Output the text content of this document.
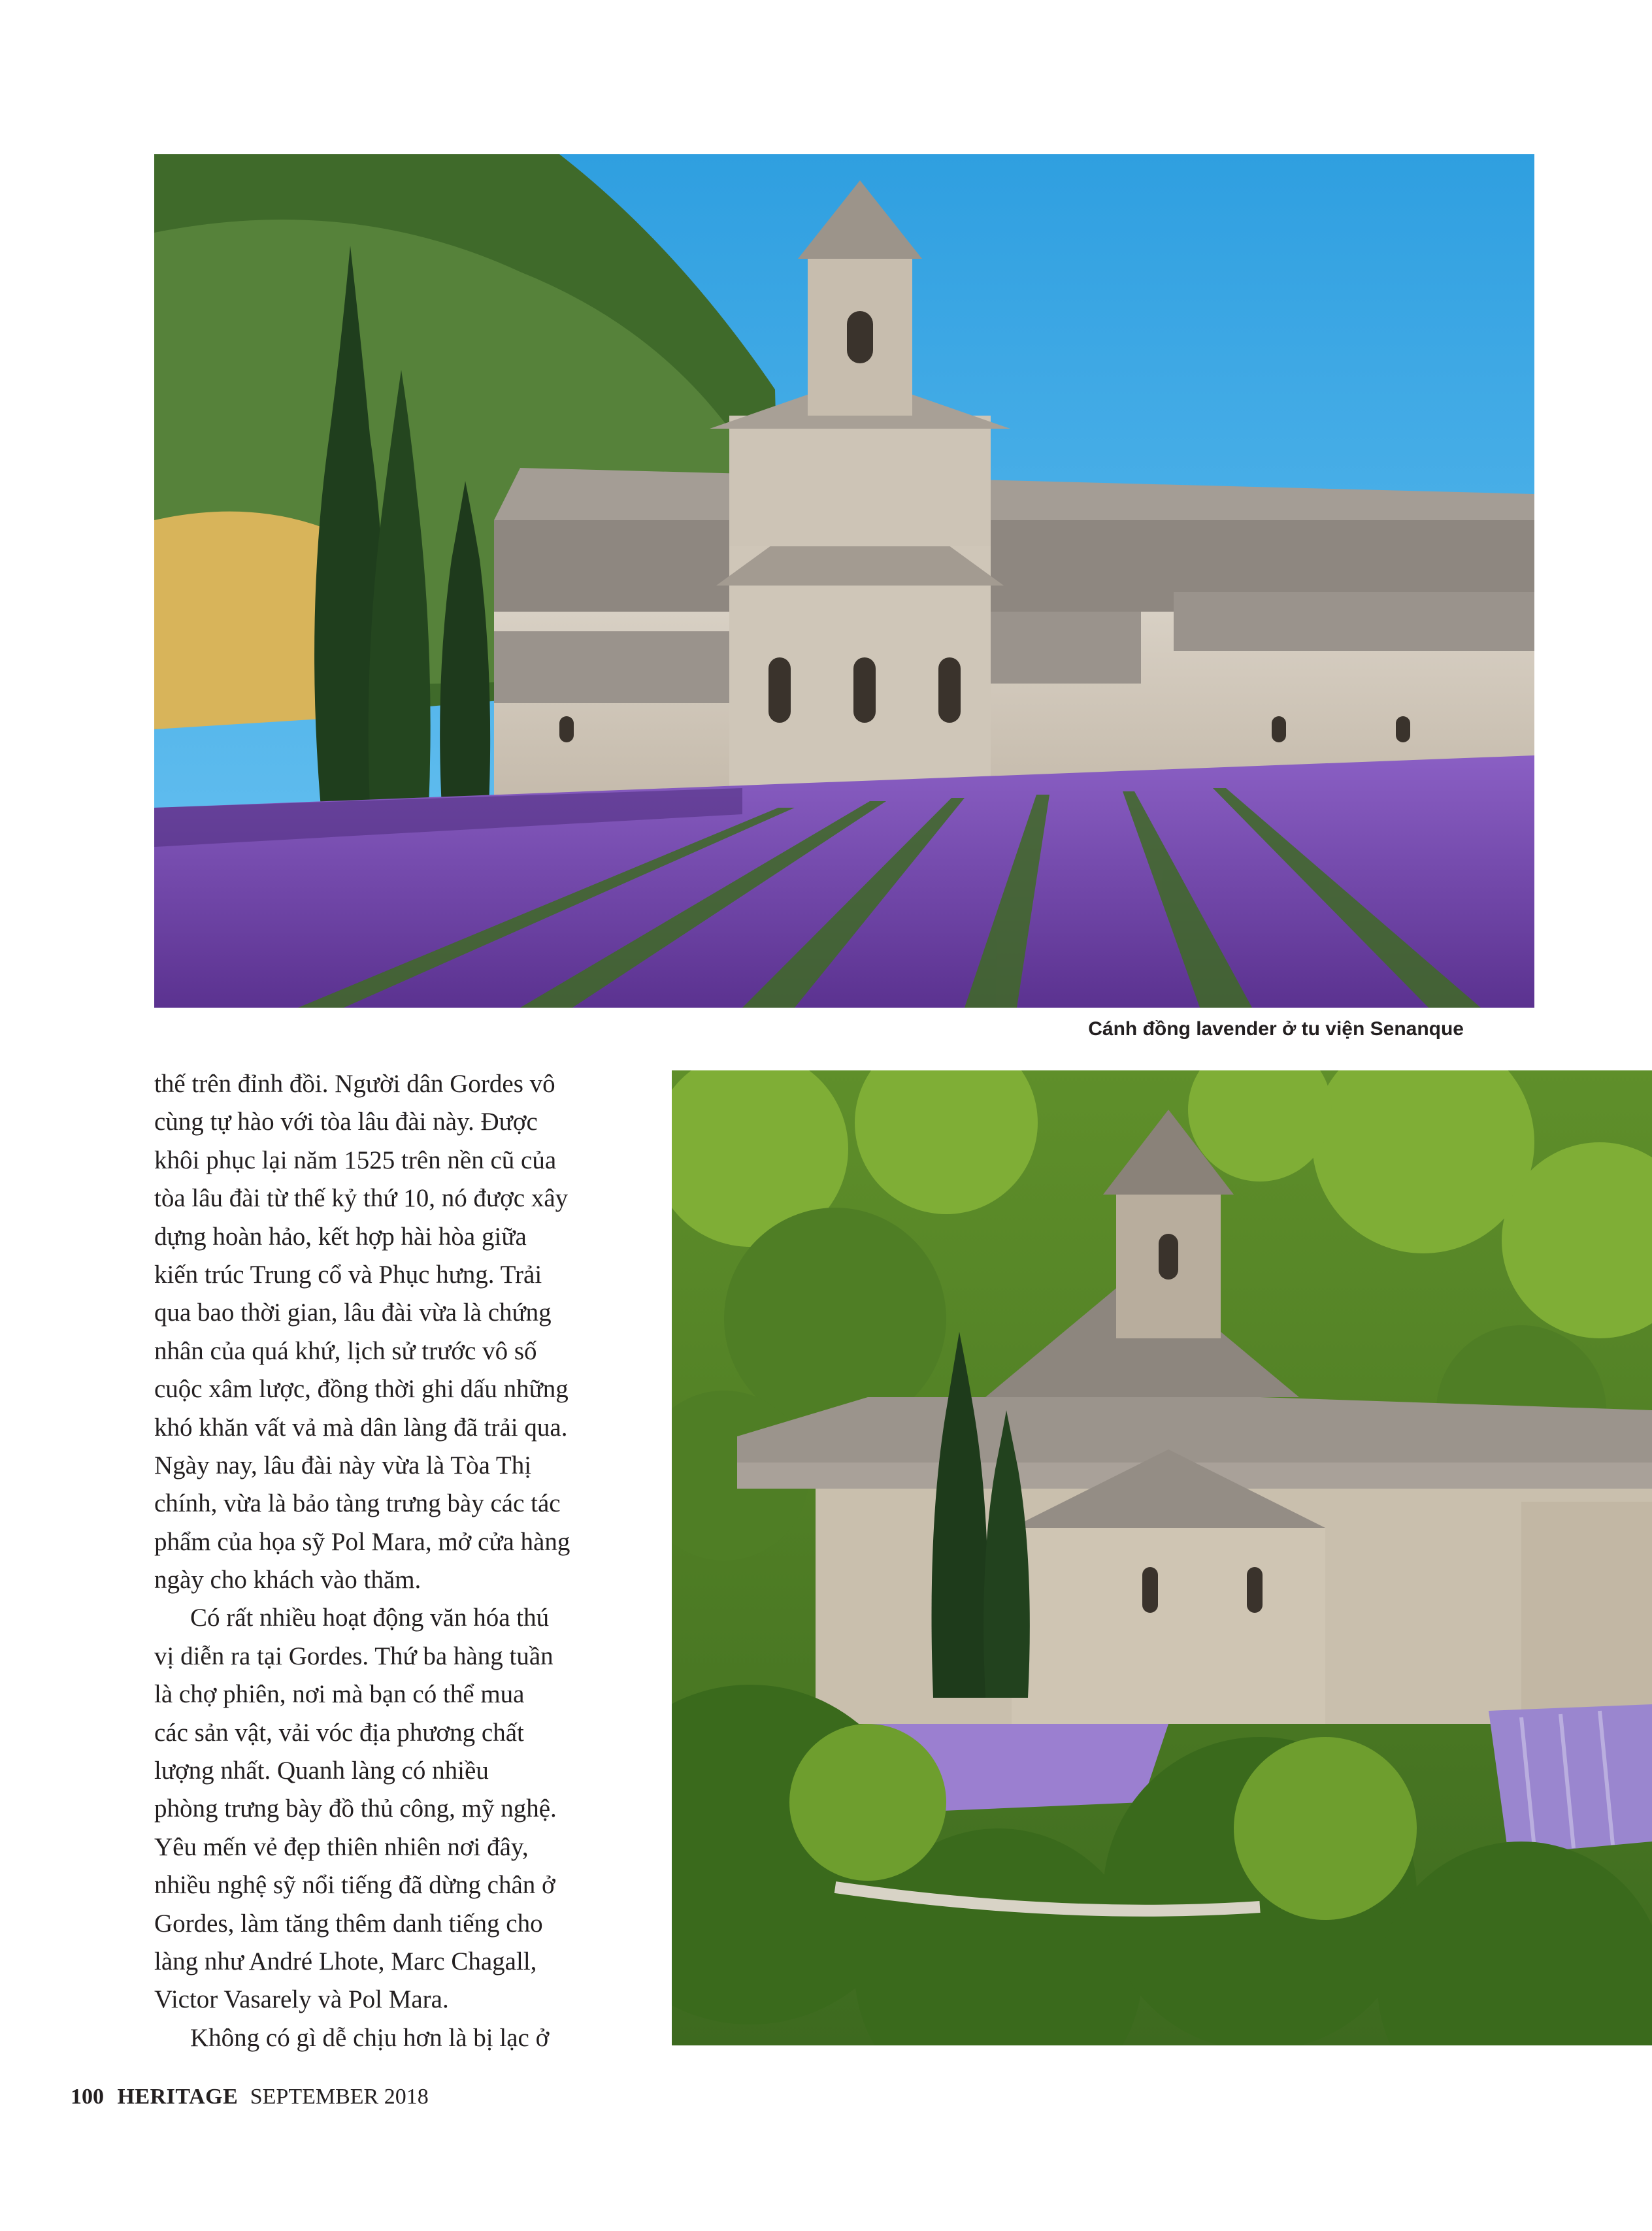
Cánh đồng lavender ở tu viện Senanque
thế trên đỉnh đồi. Người dân Gordes vô
cùng tự hào với tòa lâu đài này. Được
khôi phục lại năm 1525 trên nền cũ của
tòa lâu đài từ thế kỷ thứ 10, nó được xây
dựng hoàn hảo, kết hợp hài hòa giữa
kiến trúc Trung cổ và Phục hưng. Trải
qua bao thời gian, lâu đài vừa là chứng
nhân của quá khứ, lịch sử trước vô số
cuộc xâm lược, đồng thời ghi dấu những
khó khăn vất vả mà dân làng đã trải qua.
Ngày nay, lâu đài này vừa là Tòa Thị
chính, vừa là bảo tàng trưng bày các tác
phẩm của họa sỹ Pol Mara, mở cửa hàng
ngày cho khách vào thăm.
Có rất nhiều hoạt động văn hóa thú
vị diễn ra tại Gordes. Thứ ba hàng tuần
là chợ phiên, nơi mà bạn có thể mua
các sản vật, vải vóc địa phương chất
lượng nhất. Quanh làng có nhiều
phòng trưng bày đồ thủ công, mỹ nghệ.
Yêu mến vẻ đẹp thiên nhiên nơi đây,
nhiều nghệ sỹ nổi tiếng đã dừng chân ở
Gordes, làm tăng thêm danh tiếng cho
làng như André Lhote, Marc Chagall,
Victor Vasarely và Pol Mara.
Không có gì dễ chịu hơn là bị lạc ở
100 HERITAGE SEPTEMBER 2018
